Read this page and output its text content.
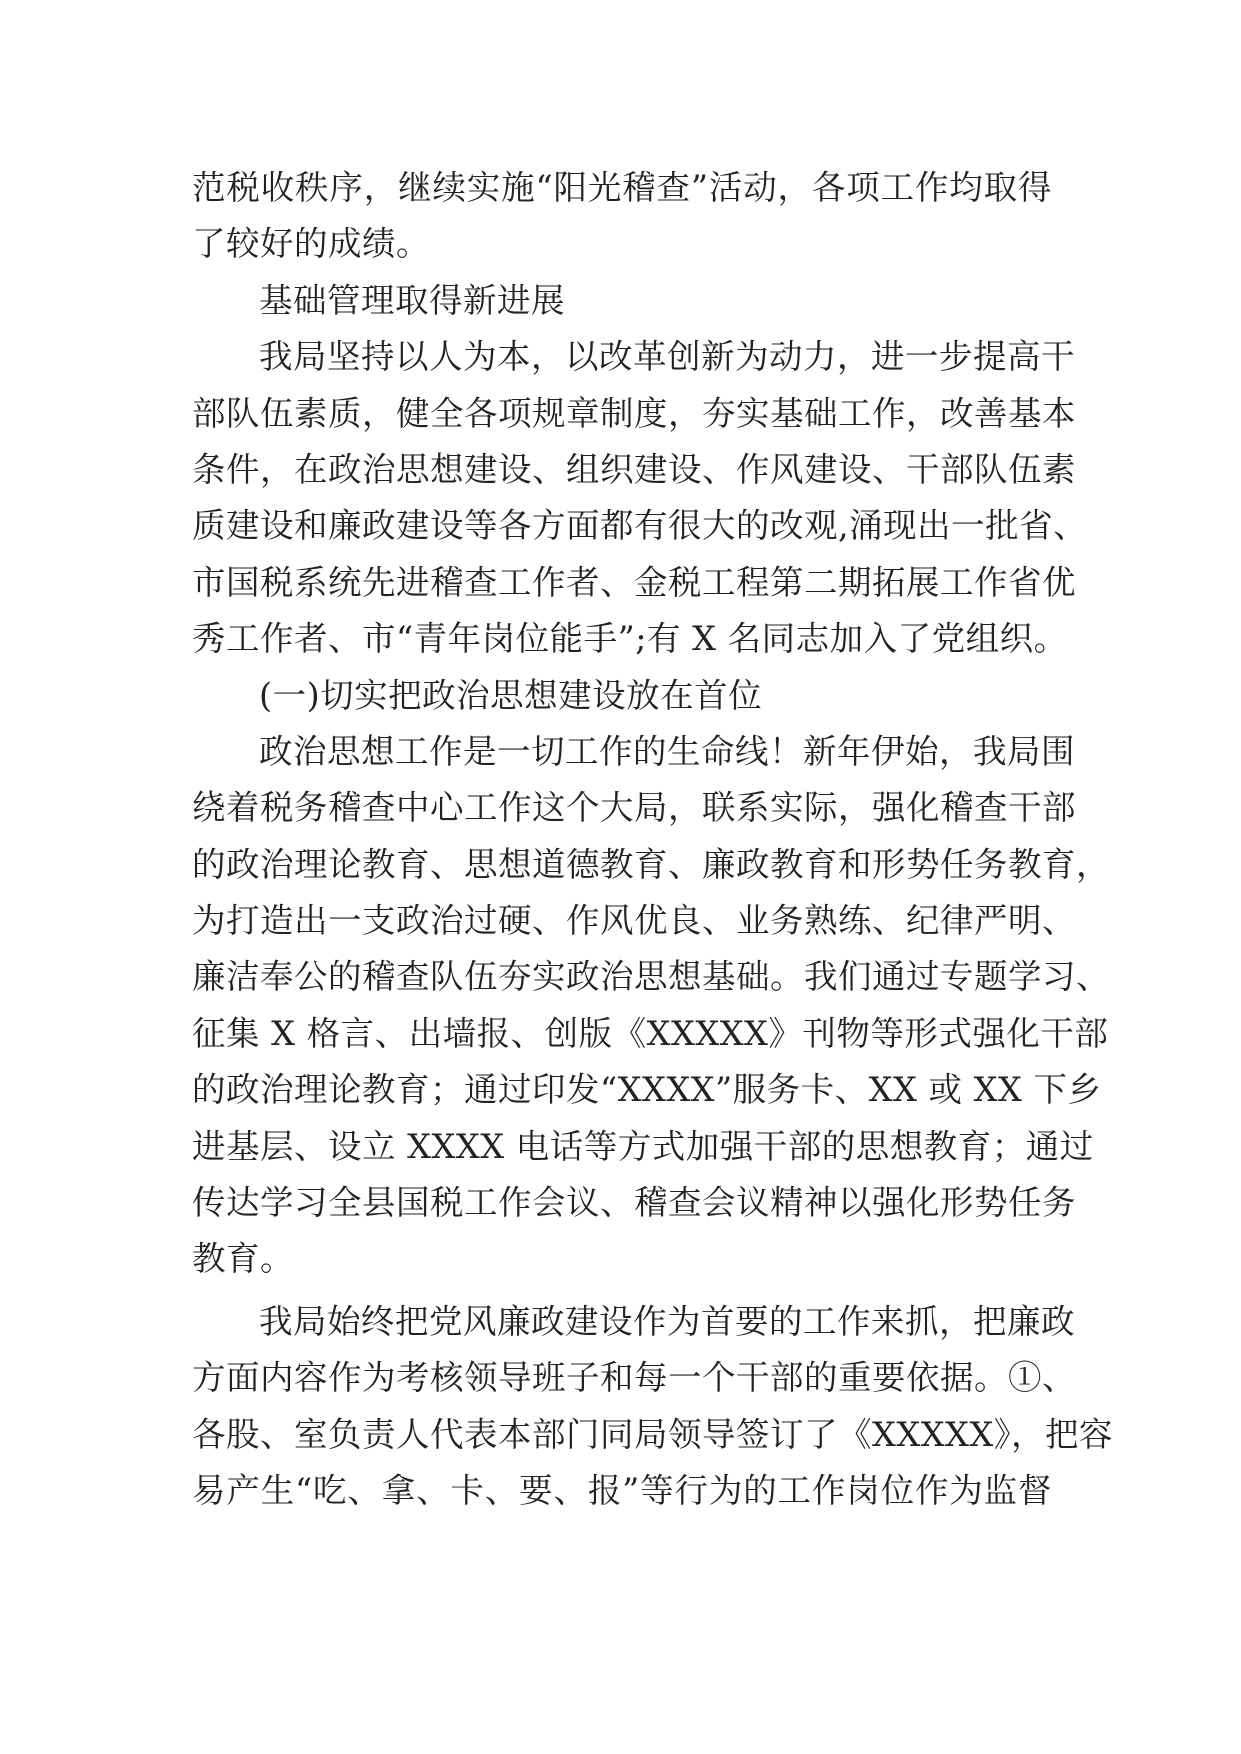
范税收秩序，继续实施“阳光稽查”活动，各项工作均取得
了较好的成绩。
基础管理取得新进展
我局坚持以人为本，以改革创新为动力，进一步提高干
部队伍素质，健全各项规章制度，夯实基础工作，改善基本
条件，在政治思想建设、组织建设、作风建设、干部队伍素
质建设和廉政建设等各方面都有很大的改观,涌现出一批省、
市国税系统先进稽查工作者、金税工程第二期拓展工作省优
秀工作者、市“青年岗位能手”;有 X 名同志加入了党组织。
(一)切实把政治思想建设放在首位
政治思想工作是一切工作的生命线！新年伊始，我局围
绕着税务稽查中心工作这个大局，联系实际，强化稽查干部
的政治理论教育、思想道德教育、廉政教育和形势任务教育，
为打造出一支政治过硬、作风优良、业务熟练、纪律严明、
廉洁奉公的稽查队伍夯实政治思想基础。我们通过专题学习、
征集 X 格言、出墙报、创版《XXXXX》刊物等形式强化干部
的政治理论教育；通过印发“XXXX”服务卡、XX 或 XX 下乡
进基层、设立 XXXX 电话等方式加强干部的思想教育；通过
传达学习全县国税工作会议、稽查会议精神以强化形势任务
教育。
我局始终把党风廉政建设作为首要的工作来抓，把廉政
方面内容作为考核领导班子和每一个干部的重要依据。①、
各股、室负责人代表本部门同局领导签订了《XXXXX》，把容
易产生“吃、拿、卡、要、报”等行为的工作岗位作为监督
